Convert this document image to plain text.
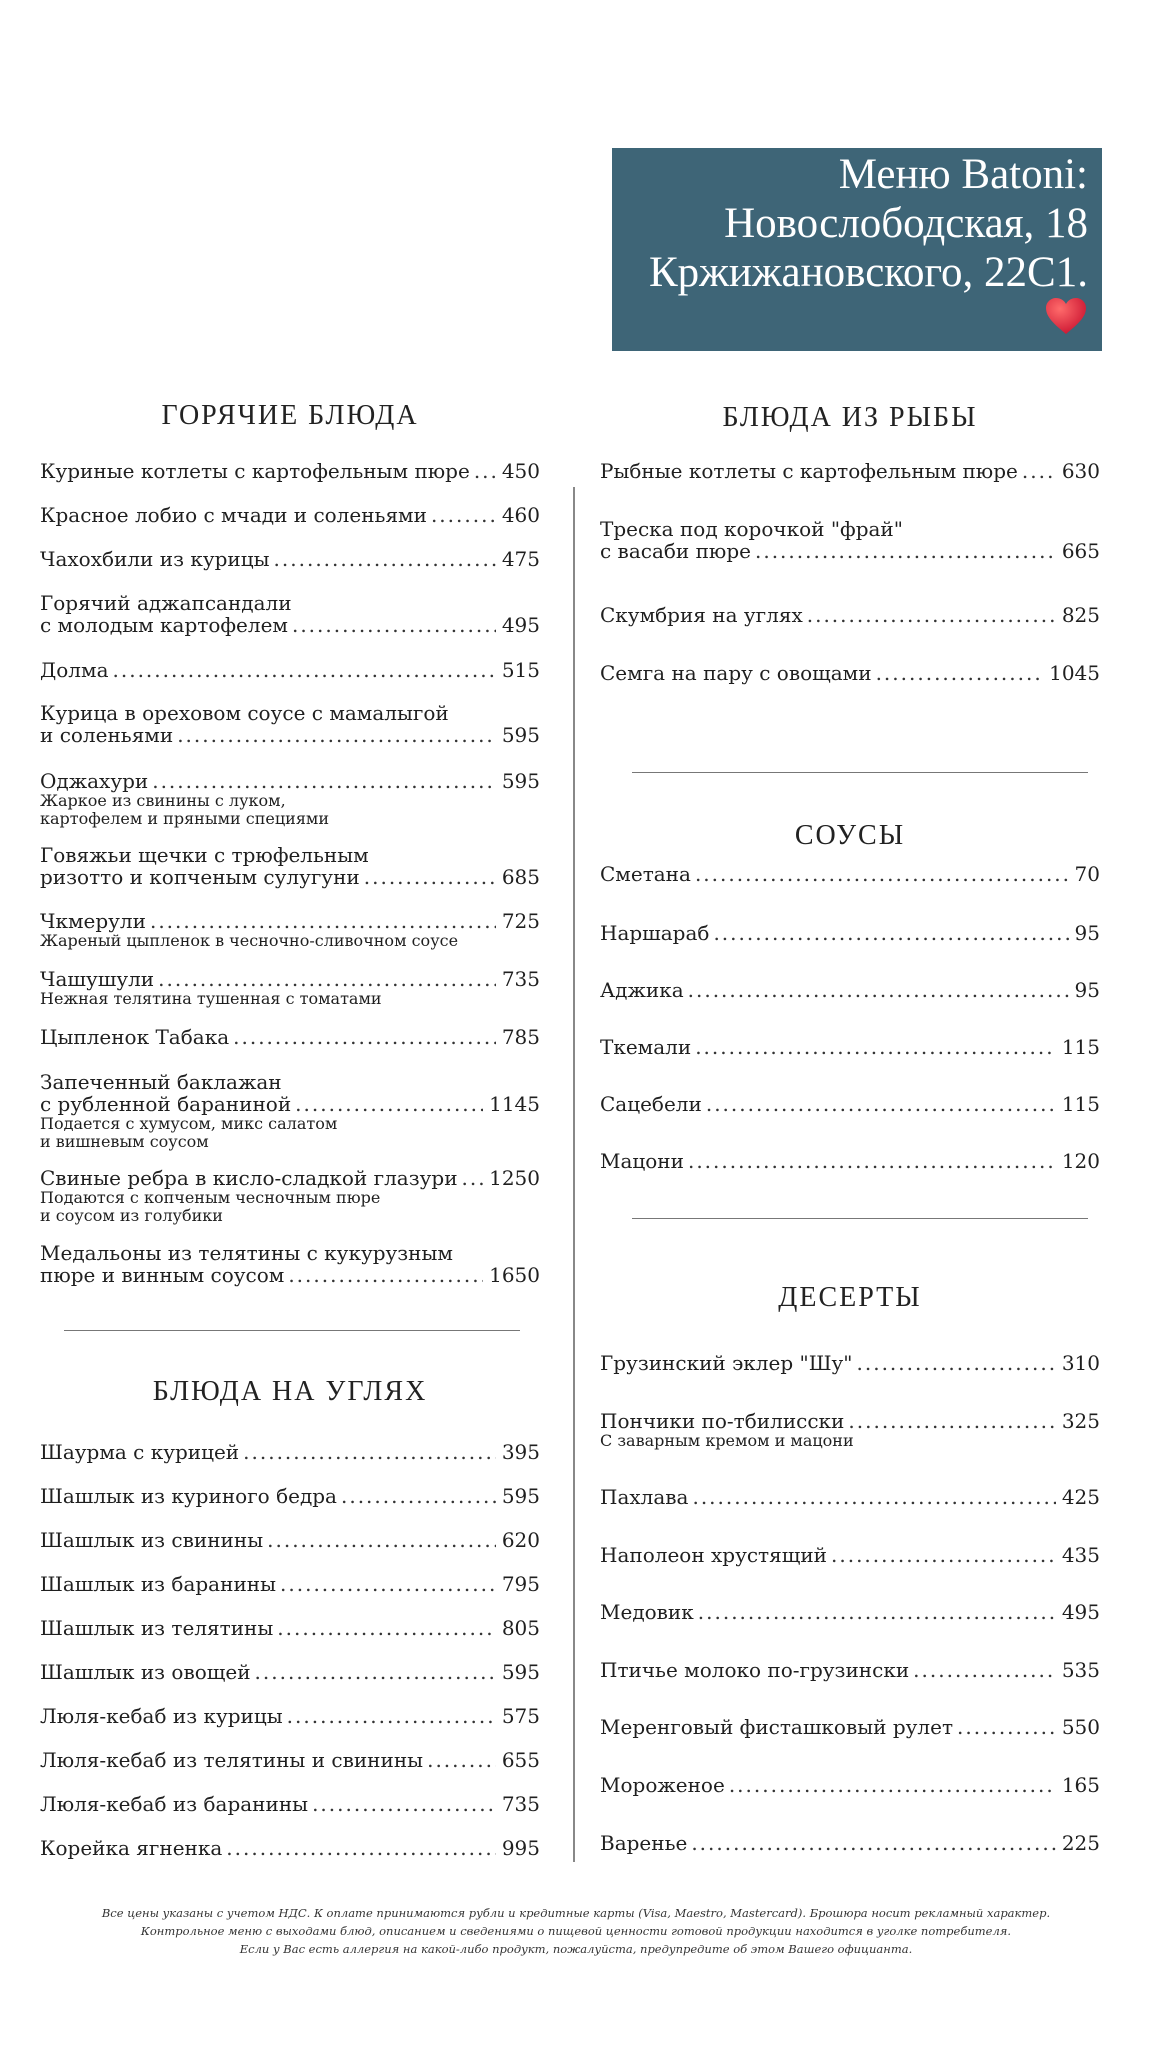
Меню Batoni:
Новослободская, 18
Кржижановского, 22С1.
ГОРЯЧИЕ БЛЮДА
Куриные котлеты с картофельным пюре ..... 450
Красное лобио с мчади и соленьями .....	460
Чахохбили из курицы .....	475
Горячий аджапсандали
с молодым картофелем .....	495
Долма .....	515
Курица в ореховом соусе с мамалыгой
и соленьями .....	595
Оджахури .....	595
Жаркое из свинины с луком,
картофелем и пряными специями
Говяжьи щечки с трюфельным
ризотто и копченым сулугуни .....	685
Чкмерули .....	725
Жареный цыпленок в чесночно-сливочном соусе
Чашушули .....	735
Нежная телятина тушенная с томатами
Цыпленок Табака .....	785
Запеченный баклажан
с рубленной бараниной .....	1145
Подается с хумусом, микс салатом
и вишневым соусом
Свиные ребра в кисло-сладкой глазури ..... 1250
Подаются с копченым чесночным пюре
и соусом из голубики
Медальоны из телятины с кукурузным
пюре и винным соусом .....	1650
БЛЮДА НА УГЛЯХ
Шаурма с курицей .....	395
Шашлык из куриного бедра .....	595
Шашлык из свинины .....	620
Шашлык из баранины .....	795
Шашлык из телятины .....	805
Шашлык из овощей .....	595
Люля-кебаб из курицы .....	575
Люля-кебаб из телятины и свинины .....	655
Люля-кебаб из баранины .....	735
Корейка ягненка .....	995
БЛЮДА ИЗ РЫБЫ
Рыбные котлеты с картофельным пюре ..... 630
Треска под корочкой "фрай"
с васаби пюре .....	665
Скумбрия на углях .....	825
Семга на пару с овощами .....	1045
СОУСЫ
Сметана .....	70
Наршараб .....	95
Аджика .....	95
Ткемали .....	115
Сацебели .....	115
Мацони .....	120
ДЕСЕРТЫ
Грузинский эклер "Шу" .....	310
Пончики по-тбилисски .....	325
С заварным кремом и мацони
Пахлава .....	425
Наполеон хрустящий .....	435
Медовик .....	495
Птичье молоко по-грузински .....	535
Меренговый фисташковый рулет .....	550
Мороженое .....	165
Варенье .....	225
Все цены указаны с учетом НДС. К оплате принимаются рубли и кредитные карты (Visa, Maestro, Mastercard). Брошюра носит рекламный характер.
Контрольное меню с выходами блюд, описанием и сведениями о пищевой ценности готовой продукции находится в уголке потребителя.
Если у Вас есть аллергия на какой-либо продукт, пожалуйста, предупредите об этом Вашего официанта.
